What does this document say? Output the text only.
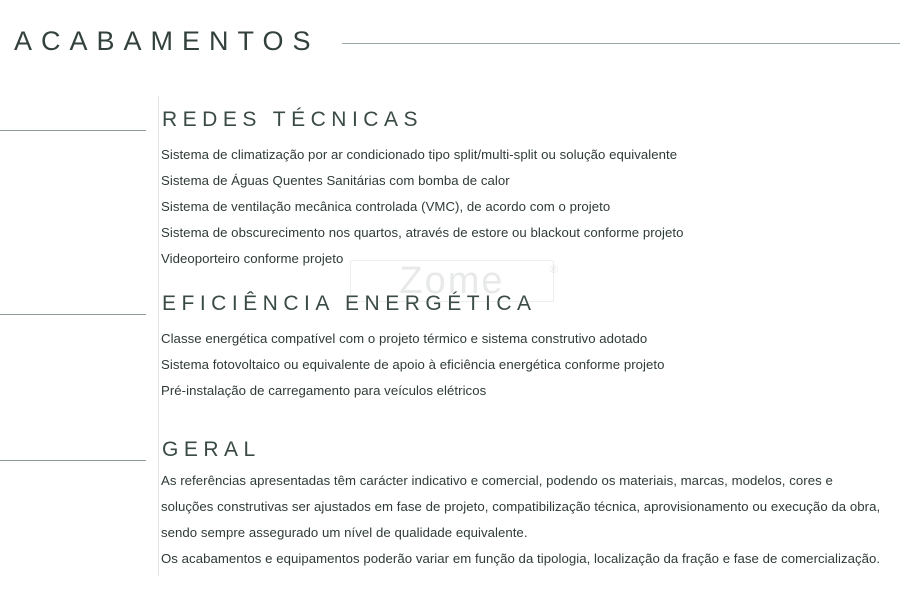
ACABAMENTOS
REDES TÉCNICAS
Sistema de climatização por ar condicionado tipo split/multi-split ou solução equivalente
Sistema de Águas Quentes Sanitárias com bomba de calor
Sistema de ventilação mecânica controlada (VMC), de acordo com o projeto
Sistema de obscurecimento nos quartos, através de estore ou blackout conforme projeto
Videoporteiro conforme projeto
EFICIÊNCIA ENERGÉTICA
Classe energética compatível com o projeto térmico e sistema construtivo adotado
Sistema fotovoltaico ou equivalente de apoio à eficiência energética conforme projeto
Pré-instalação de carregamento para veículos elétricos
GERAL
As referências apresentadas têm carácter indicativo e comercial, podendo os materiais, marcas, modelos, cores e soluções construtivas ser ajustados em fase de projeto, compatibilização técnica, aprovisionamento ou execução da obra, sendo sempre assegurado um nível de qualidade equivalente.
Os acabamentos e equipamentos poderão variar em função da tipologia, localização da fração e fase de comercialização.
Zome	®
